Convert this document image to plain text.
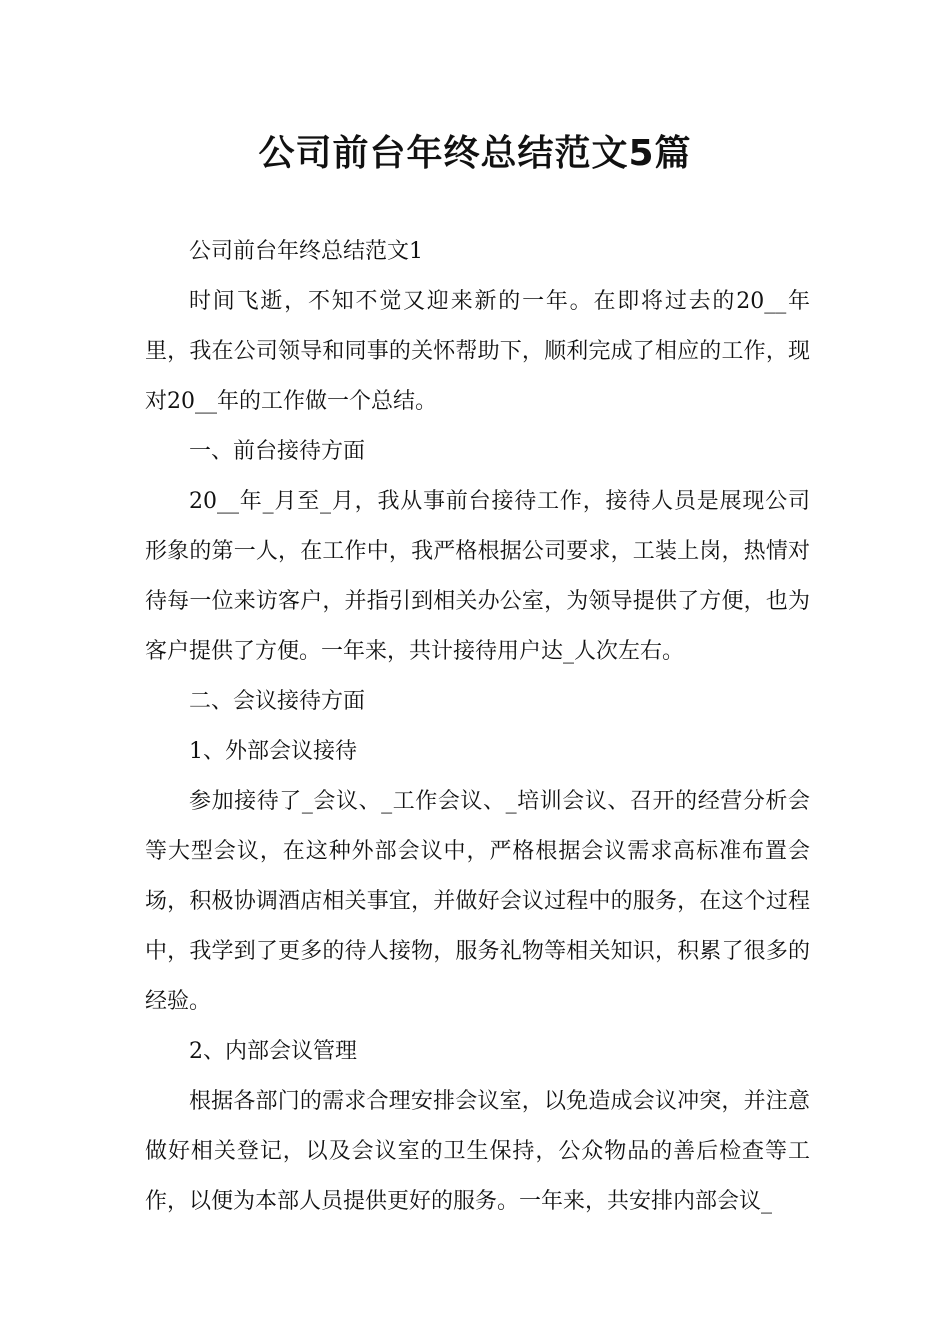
公司前台年终总结范文5篇

公司前台年终总结范文1

时间飞逝，不知不觉又迎来新的一年。在即将过去的20__年里，我在公司领导和同事的关怀帮助下，顺利完成了相应的工作，现对20__年的工作做一个总结。

一、前台接待方面

20__年_月至_月，我从事前台接待工作，接待人员是展现公司形象的第一人，在工作中，我严格根据公司要求，工装上岗，热情对待每一位来访客户，并指引到相关办公室，为领导提供了方便，也为客户提供了方便。一年来，共计接待用户达_人次左右。

二、会议接待方面

1、外部会议接待

参加接待了_会议、_工作会议、_培训会议、召开的经营分析会等大型会议，在这种外部会议中，严格根据会议需求高标准布置会场，积极协调酒店相关事宜，并做好会议过程中的服务，在这个过程中，我学到了更多的待人接物，服务礼物等相关知识，积累了很多的经验。

2、内部会议管理

根据各部门的需求合理安排会议室，以免造成会议冲突，并注意做好相关登记，以及会议室的卫生保持，公众物品的善后检查等工作，以便为本部人员提供更好的服务。一年来，共安排内部会议_
